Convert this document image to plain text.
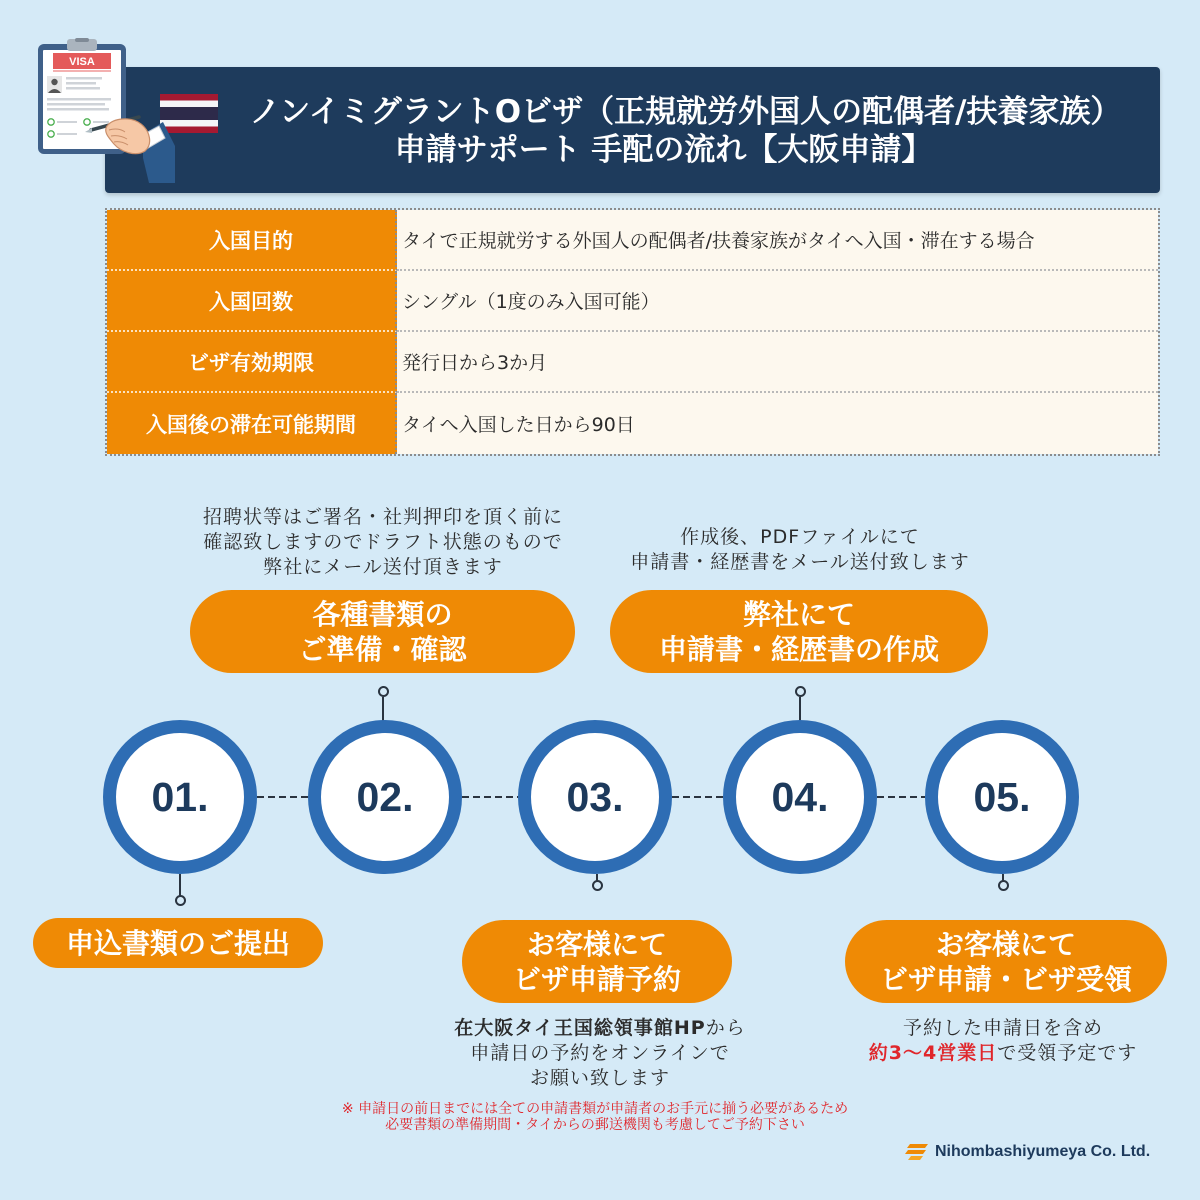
VISA
ノンイミグラントOビザ（正規就労外国人の配偶者/扶養家族）
申請サポート 手配の流れ【大阪申請】
入国目的	タイで正規就労する外国人の配偶者/扶養家族がタイへ入国・滞在する場合
入国回数	シングル（1度のみ入国可能）
ビザ有効期限	発行日から3か月
入国後の滞在可能期間	タイへ入国した日から90日
招聘状等はご署名・社判押印を頂く前に
確認致しますのでドラフト状態のもので
弊社にメール送付頂きます
作成後、PDFファイルにて
申請書・経歴書をメール送付致します
各種書類の
ご準備・確認
弊社にて
申請書・経歴書の作成
01.	02.	03.	04.	05.
申込書類のご提出	お客様にて
ビザ申請予約
お客様にて
ビザ申請・ビザ受領
在大阪タイ王国総領事館HPから
申請日の予約をオンラインで
お願い致します
予約した申請日を含め
約3〜4営業日で受領予定です
※ 申請日の前日までには全ての申請書類が申請者のお手元に揃う必要があるため
必要書類の準備期間・タイからの郵送機関も考慮してご予約下さい
Nihombashiyumeya Co. Ltd.
